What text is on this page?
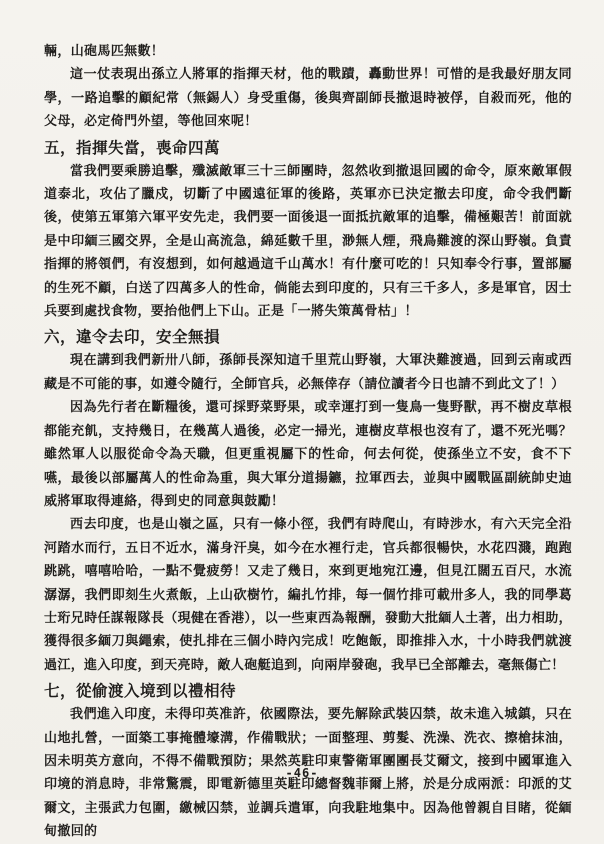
輛，山砲馬匹無數！

這一仗表現出孫立人將軍的指揮天材，他的戰蹟，轟動世界！可惜的是我最好朋友同學，一路追擊的顧紀常（無錫人）身受重傷，後與齊副師長撤退時被俘，自殺而死，他的父母，必定倚門外望，等他回來呢！

五，指揮失當，喪命四萬

當我們要乘勝追擊，殲滅敵軍三十三師團時，忽然收到撤退回國的命令，原來敵軍假道泰北，攻佔了臘戍，切斷了中國遠征軍的後路，英軍亦已決定撤去印度，命令我們斷後，使第五軍第六軍平安先走，我們要一面後退一面抵抗敵軍的追擊，備極艱苦！前面就是中印緬三國交界，全是山高流急，綿延數千里，渺無人煙，飛鳥難渡的深山野嶺。負責指揮的將領們，有沒想到，如何越過這千山萬水！有什麼可吃的！只知奉令行事，置部屬的生死不顧，白送了四萬多人的性命，倘能去到印度的，只有三千多人，多是軍官，因士兵要到處找食物，要抬他們上下山。正是「一將失策萬骨枯」！

六，違令去印，安全無損

現在講到我們新卅八師，孫師長深知這千里荒山野嶺，大軍決難渡過，回到云南或西藏是不可能的事，如遵令隨行，全師官兵，必無倖存（請位讀者今日也請不到此文了！）

因為先行者在斷糧後，還可採野菜野果，或幸運打到一隻鳥一隻野獸，再不樹皮草根都能充飢，支持幾日，在幾萬人過後，必定一掃光，連樹皮草根也沒有了，還不死光嗎？雖然軍人以服從命令為天職，但更重視屬下的性命，何去何從，使孫坐立不安，食不下嚥，最後以部屬萬人的性命為重，與大軍分道揚鑣，拉軍西去，並與中國戰區副統帥史迪威將軍取得連絡，得到史的同意與鼓勵！

西去印度，也是山嶺之區，只有一條小徑，我們有時爬山，有時涉水，有六天完全沿河踏水而行，五日不近水，滿身汗臭，如今在水裡行走，官兵都很暢快，水花四濺，跑跑跳跳，嘻嘻哈哈，一點不覺疲勞！又走了幾日，來到更地宛江邊，但見江闊五百尺，水流潺潺，我們即刻生火煮飯，上山砍樹竹，編扎竹排，每一個竹排可載卅多人，我的同學葛士珩兄時任謀報隊長（現健在香港），以一些東西為報酬，發動大批緬人土著，出力相助，獲得很多緬刀與繩索，使扎排在三個小時內完成！吃飽飯，即推排入水，十小時我們就渡過江，進入印度，到天亮時，敵人砲艇追到，向兩岸發砲，我早已全部離去，毫無傷亡！

七，從偷渡入境到以禮相待

我們進入印度，未得印英准許，依國際法，要先解除武裝囚禁，故未進入城鎮，只在山地扎營，一面築工事掩體壕溝，作備戰狀；一面整理、剪髮、洗澡、洗衣、擦槍抹油，因未明英方意向，不得不備戰預防；果然英駐印東警衛軍團團長艾爾文，接到中國軍進入印境的消息時，非常驚震，即電新德里英駐印總督魏菲爾上將，於是分成兩派：印派的艾爾文，主張武力包圍，繳械囚禁，並調兵遣軍，向我駐地集中。因為他曾親自目睹，從緬甸撤回的

-46-
